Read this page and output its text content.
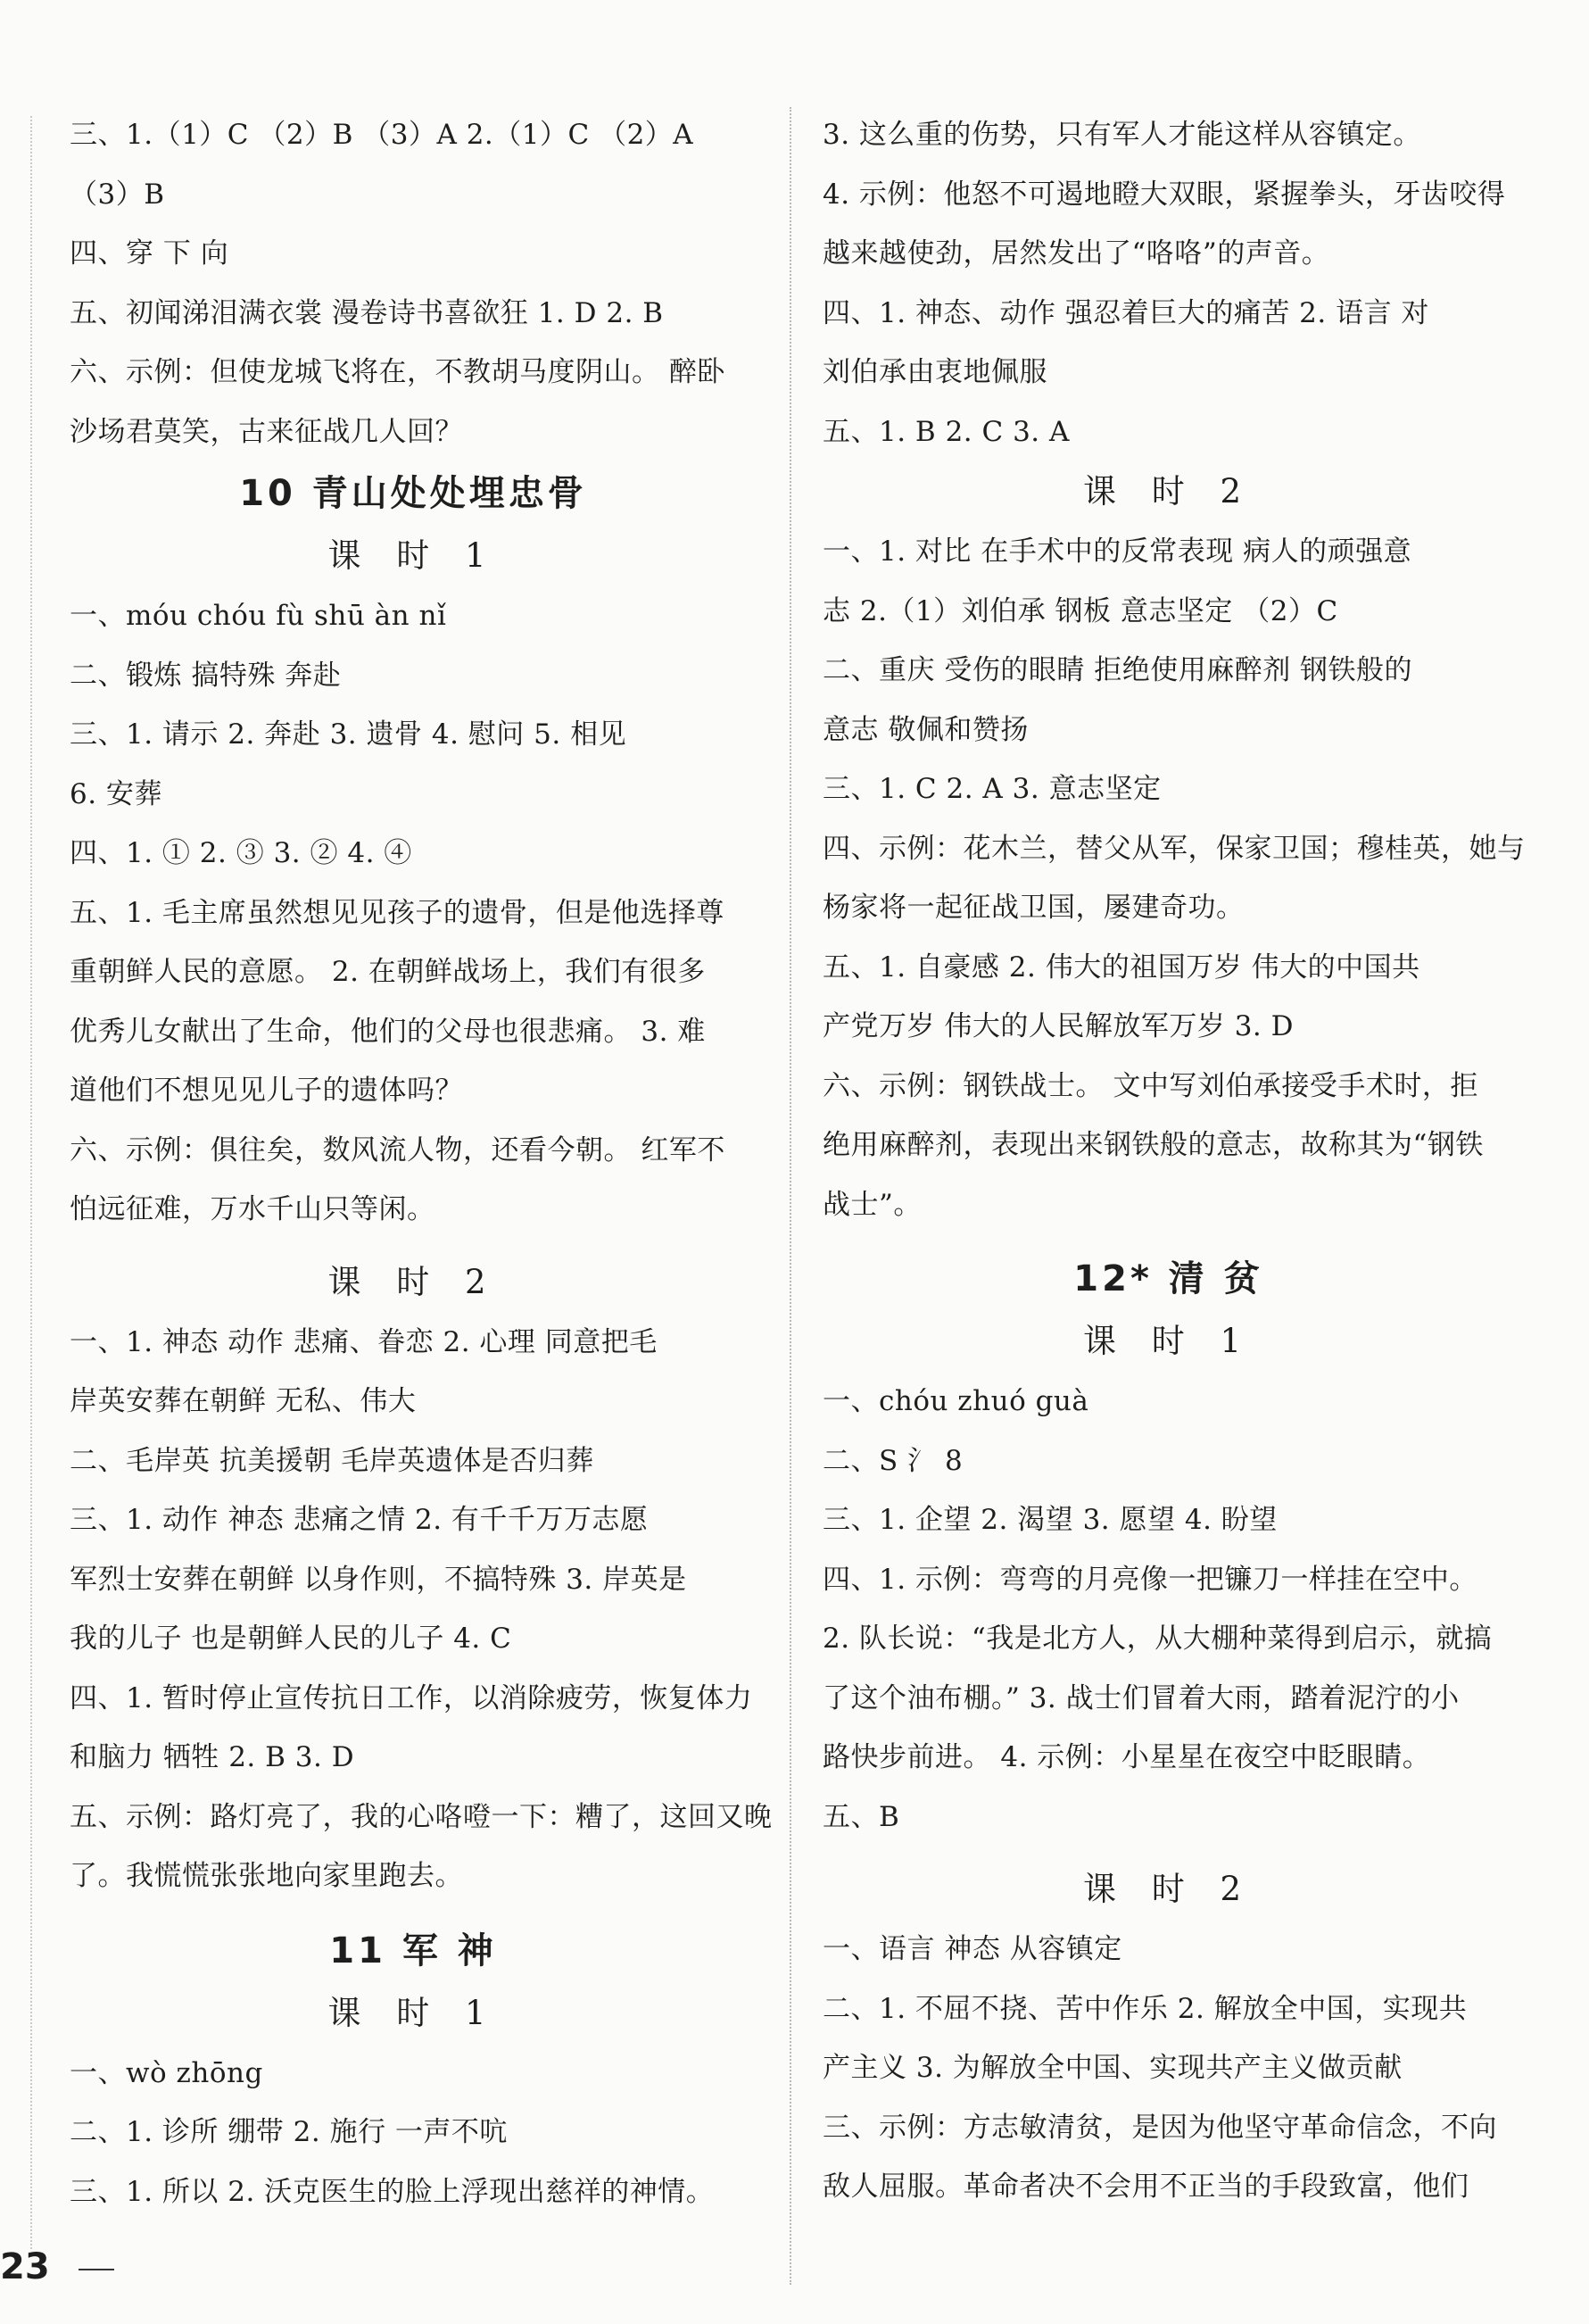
三、1.（1）C （2）B （3）A 2.（1）C （2）A
（3）B
四、穿 下 向
五、初闻涕泪满衣裳 漫卷诗书喜欲狂 1. D 2. B
六、示例：但使龙城飞将在，不教胡马度阴山。 醉卧
沙场君莫笑，古来征战几人回？
10 青山处处埋忠骨
课 时 1
一、móu chóu fù shū àn nǐ
二、锻炼 搞特殊 奔赴
三、1. 请示 2. 奔赴 3. 遗骨 4. 慰问 5. 相见
6. 安葬
四、1. ① 2. ③ 3. ② 4. ④
五、1. 毛主席虽然想见见孩子的遗骨，但是他选择尊
重朝鲜人民的意愿。 2. 在朝鲜战场上，我们有很多
优秀儿女献出了生命，他们的父母也很悲痛。 3. 难
道他们不想见见儿子的遗体吗？
六、示例：俱往矣，数风流人物，还看今朝。 红军不
怕远征难，万水千山只等闲。
课 时 2
一、1. 神态 动作 悲痛、眷恋 2. 心理 同意把毛
岸英安葬在朝鲜 无私、伟大
二、毛岸英 抗美援朝 毛岸英遗体是否归葬
三、1. 动作 神态 悲痛之情 2. 有千千万万志愿
军烈士安葬在朝鲜 以身作则，不搞特殊 3. 岸英是
我的儿子 也是朝鲜人民的儿子 4. C
四、1. 暂时停止宣传抗日工作，以消除疲劳，恢复体力
和脑力 牺牲 2. B 3. D
五、示例：路灯亮了，我的心咯噔一下：糟了，这回又晚
了。我慌慌张张地向家里跑去。
11 军 神
课 时 1
一、wò zhōng
二、1. 诊所 绷带 2. 施行 一声不吭
三、1. 所以 2. 沃克医生的脸上浮现出慈祥的神情。
3. 这么重的伤势，只有军人才能这样从容镇定。
4. 示例：他怒不可遏地瞪大双眼，紧握拳头，牙齿咬得
越来越使劲，居然发出了“咯咯”的声音。
四、1. 神态、动作 强忍着巨大的痛苦 2. 语言 对
刘伯承由衷地佩服
五、1. B 2. C 3. A
课 时 2
一、1. 对比 在手术中的反常表现 病人的顽强意
志 2.（1）刘伯承 钢板 意志坚定 （2）C
二、重庆 受伤的眼睛 拒绝使用麻醉剂 钢铁般的
意志 敬佩和赞扬
三、1. C 2. A 3. 意志坚定
四、示例：花木兰，替父从军，保家卫国；穆桂英，她与
杨家将一起征战卫国，屡建奇功。
五、1. 自豪感 2. 伟大的祖国万岁 伟大的中国共
产党万岁 伟大的人民解放军万岁 3. D
六、示例：钢铁战士。 文中写刘伯承接受手术时，拒
绝用麻醉剂，表现出来钢铁般的意志，故称其为“钢铁
战士”。
12* 清 贫
课 时 1
一、chóu zhuó guà
二、S 氵 8
三、1. 企望 2. 渴望 3. 愿望 4. 盼望
四、1. 示例：弯弯的月亮像一把镰刀一样挂在空中。
2. 队长说：“我是北方人，从大棚种菜得到启示，就搞
了这个油布棚。” 3. 战士们冒着大雨，踏着泥泞的小
路快步前进。 4. 示例：小星星在夜空中眨眼睛。
五、B
课 时 2
一、语言 神态 从容镇定
二、1. 不屈不挠、苦中作乐 2. 解放全中国，实现共
产主义 3. 为解放全中国、实现共产主义做贡献
三、示例：方志敏清贫，是因为他坚守革命信念，不向
敌人屈服。革命者决不会用不正当的手段致富，他们
23
